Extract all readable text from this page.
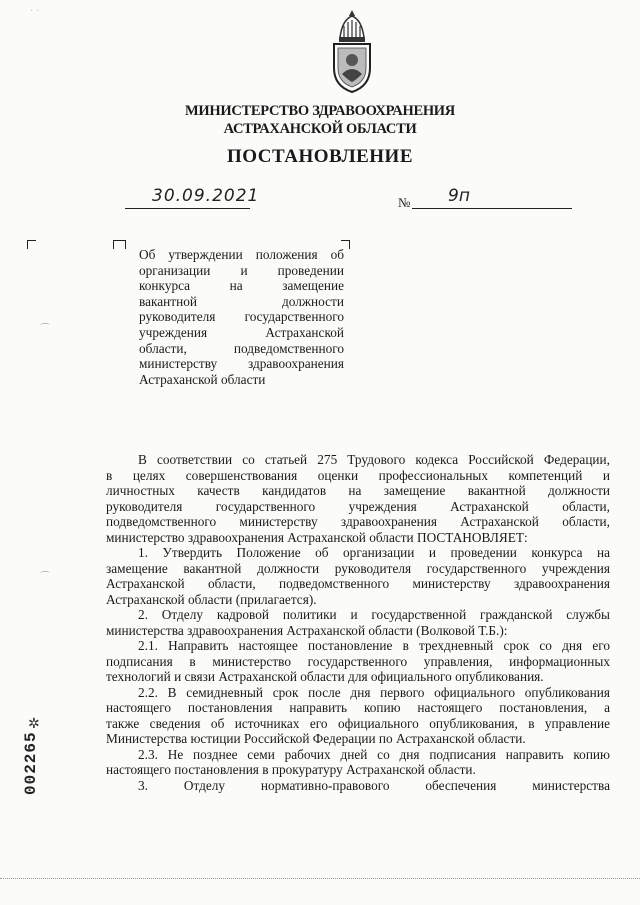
МИНИСТЕРСТВО ЗДРАВООХРАНЕНИЯ
АСТРАХАНСКОЙ ОБЛАСТИ
ПОСТАНОВЛЕНИЕ
30.09.2021	№ 9п
Об утверждении положения об
организации и проведении
конкурса на замещение
вакантной должности
руководителя государственного
учреждения Астраханской
области, подведомственного
министерству здравоохранения
Астраханской области
В соответствии со статьей 275 Трудового кодекса Российской Федерации,
в целях совершенствования оценки профессиональных компетенций и
личностных качеств кандидатов на замещение вакантной должности
руководителя государственного учреждения Астраханской области,
подведомственного министерству здравоохранения Астраханской области,
министерство здравоохранения Астраханской области ПОСТАНОВЛЯЕТ:
1. Утвердить Положение об организации и проведении конкурса на
замещение вакантной должности руководителя государственного учреждения
Астраханской области, подведомственного министерству здравоохранения
Астраханской области (прилагается).
2. Отделу кадровой политики и государственной гражданской службы
министерства здравоохранения Астраханской области (Волковой Т.Б.):
2.1. Направить настоящее постановление в трехдневный срок со дня его
подписания в министерство государственного управления, информационных
технологий и связи Астраханской области для официального опубликования.
2.2. В семидневный срок после дня первого официального опубликования
настоящего постановления направить копию настоящего постановления, а
также сведения об источниках его официального опубликования, в управление
Министерства юстиции Российской Федерации по Астраханской области.
2.3. Не позднее семи рабочих дней со дня подписания направить копию
настоящего постановления в прокуратуру Астраханской области.
3. Отделу нормативно-правового обеспечения министерства
✲
002265
· ·
⌒
⌒
